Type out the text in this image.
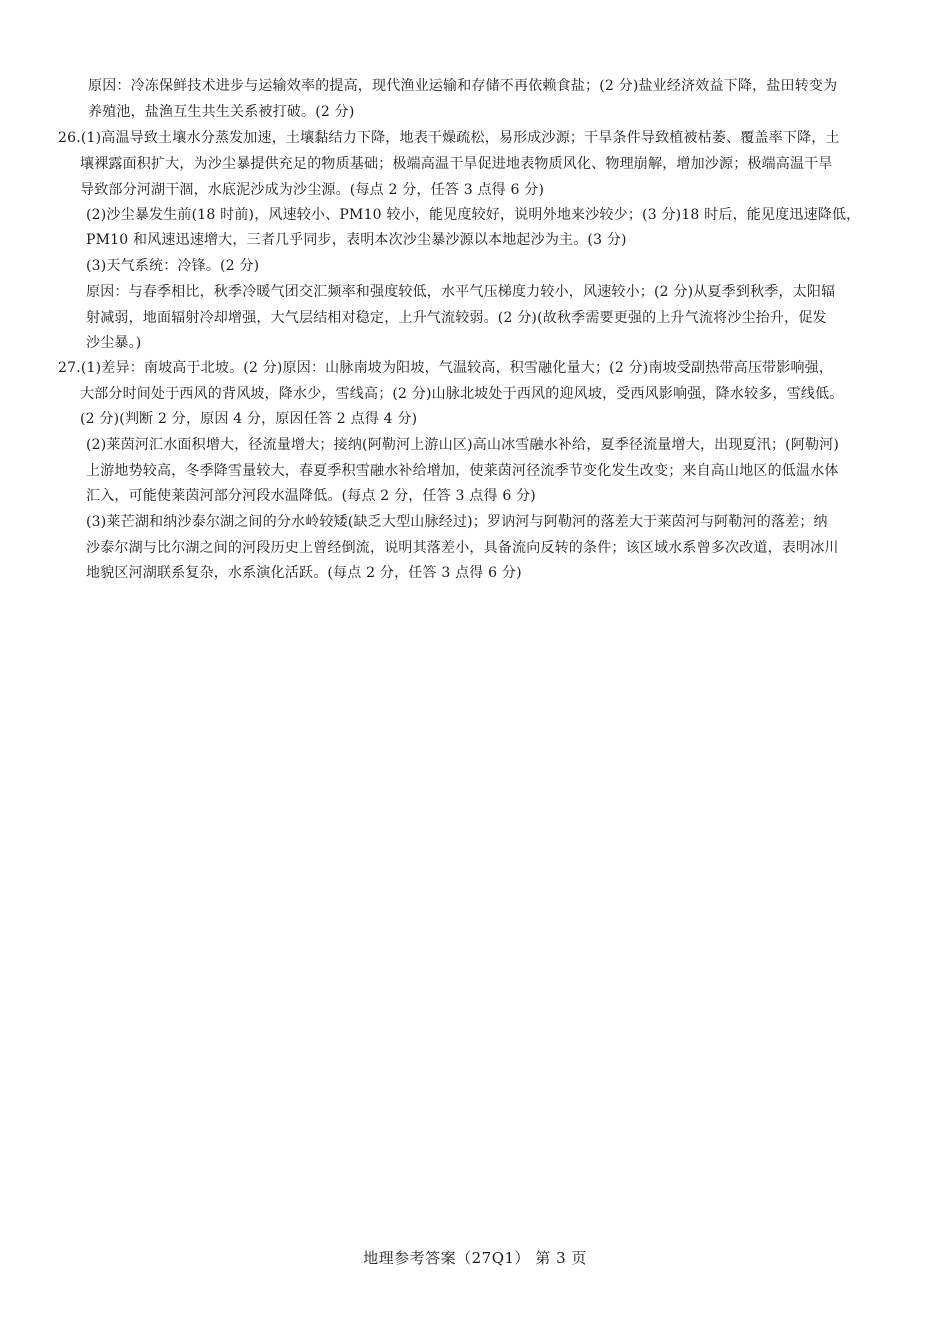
原因：冷冻保鲜技术进步与运输效率的提高，现代渔业运输和存储不再依赖食盐；(2 分)盐业经济效益下降，盐田转变为
养殖池，盐渔互生共生关系被打破。(2 分)
26.(1)高温导致土壤水分蒸发加速，土壤黏结力下降，地表干燥疏松，易形成沙源；干旱条件导致植被枯萎、覆盖率下降，土
壤裸露面积扩大，为沙尘暴提供充足的物质基础；极端高温干旱促进地表物质风化、物理崩解，增加沙源；极端高温干旱
导致部分河湖干涸，水底泥沙成为沙尘源。(每点 2 分，任答 3 点得 6 分)
(2)沙尘暴发生前(18 时前)，风速较小、PM10 较小，能见度较好，说明外地来沙较少；(3 分)18 时后，能见度迅速降低，
PM10 和风速迅速增大，三者几乎同步，表明本次沙尘暴沙源以本地起沙为主。(3 分)
(3)天气系统：冷锋。(2 分)
原因：与春季相比，秋季冷暖气团交汇频率和强度较低，水平气压梯度力较小，风速较小；(2 分)从夏季到秋季，太阳辐
射减弱，地面辐射冷却增强，大气层结相对稳定，上升气流较弱。(2 分)(故秋季需要更强的上升气流将沙尘抬升，促发
沙尘暴。)
27.(1)差异：南坡高于北坡。(2 分)原因：山脉南坡为阳坡，气温较高，积雪融化量大；(2 分)南坡受副热带高压带影响强，
大部分时间处于西风的背风坡，降水少，雪线高；(2 分)山脉北坡处于西风的迎风坡，受西风影响强，降水较多，雪线低。
(2 分)(判断 2 分，原因 4 分，原因任答 2 点得 4 分)
(2)莱茵河汇水面积增大，径流量增大；接纳(阿勒河上游山区)高山冰雪融水补给，夏季径流量增大，出现夏汛；(阿勒河)
上游地势较高，冬季降雪量较大，春夏季积雪融水补给增加，使莱茵河径流季节变化发生改变；来自高山地区的低温水体
汇入，可能使莱茵河部分河段水温降低。(每点 2 分，任答 3 点得 6 分)
(3)莱芒湖和纳沙泰尔湖之间的分水岭较矮(缺乏大型山脉经过)；罗讷河与阿勒河的落差大于莱茵河与阿勒河的落差；纳
沙泰尔湖与比尔湖之间的河段历史上曾经倒流，说明其落差小，具备流向反转的条件；该区域水系曾多次改道，表明冰川
地貌区河湖联系复杂，水系演化活跃。(每点 2 分，任答 3 点得 6 分)
地理参考答案（27Q1） 第 3 页
